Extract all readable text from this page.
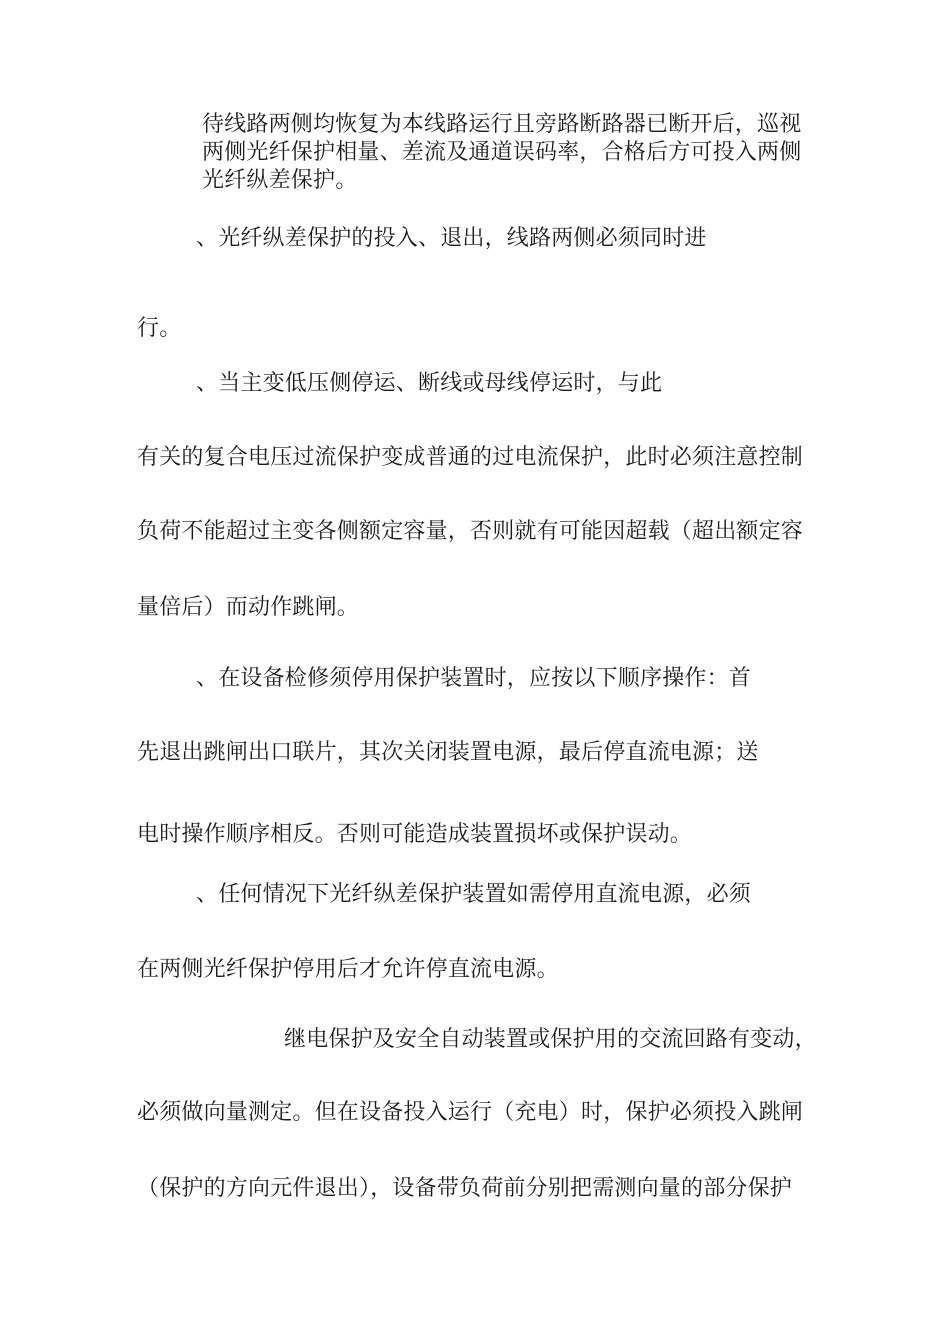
待线路两侧均恢复为本线路运行且旁路断路器已断开后，巡视
两侧光纤保护相量、差流及通道误码率，合格后方可投入两侧
光纤纵差保护。
、光纤纵差保护的投入、退出，线路两侧必须同时进
行。
、当主变低压侧停运、断线或母线停运时，与此
有关的复合电压过流保护变成普通的过电流保护，此时必须注意控制
负荷不能超过主变各侧额定容量，否则就有可能因超载（超出额定容
量倍后）而动作跳闸。
、在设备检修须停用保护装置时，应按以下顺序操作：首
先退出跳闸出口联片，其次关闭装置电源，最后停直流电源；送
电时操作顺序相反。否则可能造成装置损坏或保护误动。
、任何情况下光纤纵差保护装置如需停用直流电源，必须
在两侧光纤保护停用后才允许停直流电源。
继电保护及安全自动装置或保护用的交流回路有变动，
必须做向量测定。但在设备投入运行（充电）时，保护必须投入跳闸
（保护的方向元件退出），设备带负荷前分别把需测向量的部分保护
